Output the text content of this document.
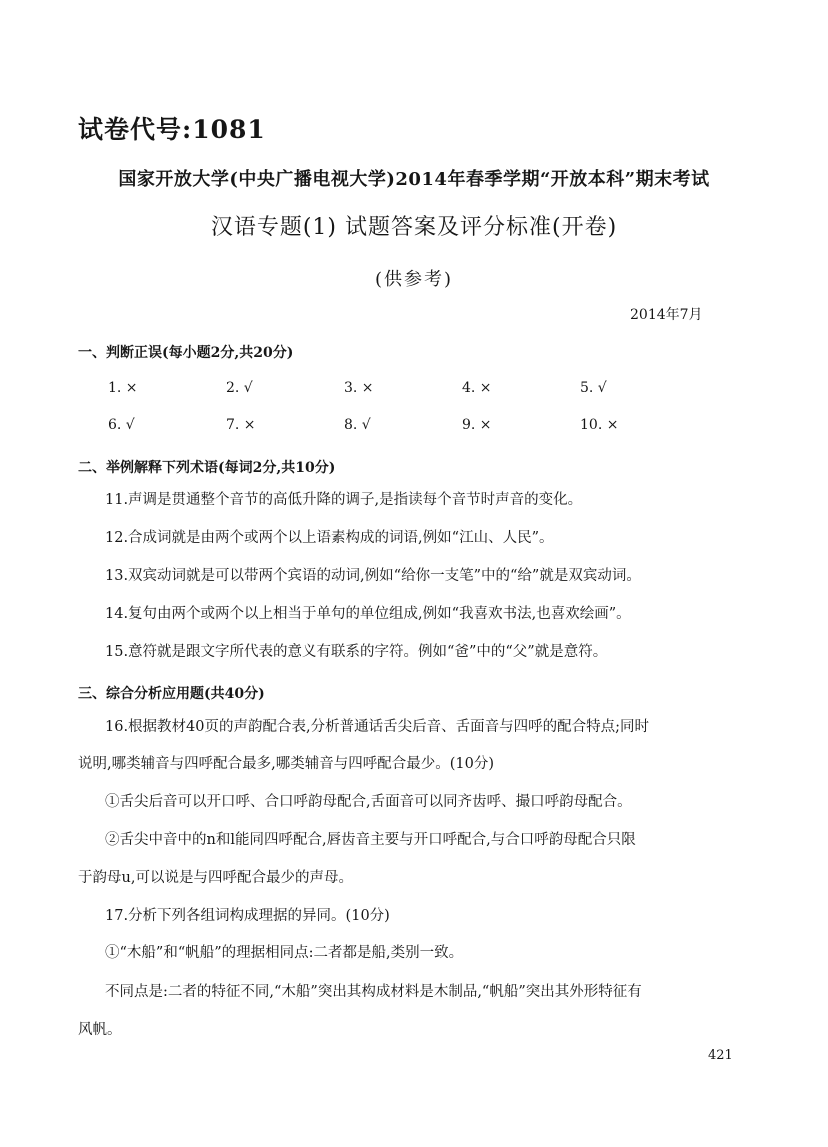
试卷代号:1081
国家开放大学(中央广播电视大学)2014年春季学期“开放本科”期末考试
汉语专题(1) 试题答案及评分标准(开卷)
(供参考)
2014年7月
一、判断正误(每小题2分,共20分)
1. ×	2. √	3. ×	4. ×	5. √
6. √	7. ×	8. √	9. ×	10. ×
二、举例解释下列术语(每词2分,共10分)
11.声调是贯通整个音节的高低升降的调子,是指读每个音节时声音的变化。
12.合成词就是由两个或两个以上语素构成的词语,例如“江山、人民”。
13.双宾动词就是可以带两个宾语的动词,例如“给你一支笔”中的“给”就是双宾动词。
14.复句由两个或两个以上相当于单句的单位组成,例如“我喜欢书法,也喜欢绘画”。
15.意符就是跟文字所代表的意义有联系的字符。例如“爸”中的“父”就是意符。
三、综合分析应用题(共40分)
16.根据教材40页的声韵配合表,分析普通话舌尖后音、舌面音与四呼的配合特点;同时
说明,哪类辅音与四呼配合最多,哪类辅音与四呼配合最少。(10分)
①舌尖后音可以开口呼、合口呼韵母配合,舌面音可以同齐齿呼、撮口呼韵母配合。
②舌尖中音中的n和l能同四呼配合,唇齿音主要与开口呼配合,与合口呼韵母配合只限
于韵母u,可以说是与四呼配合最少的声母。
17.分析下列各组词构成理据的异同。(10分)
①“木船”和“帆船”的理据相同点:二者都是船,类别一致。
不同点是:二者的特征不同,“木船”突出其构成材料是木制品,“帆船”突出其外形特征有
风帆。
421
